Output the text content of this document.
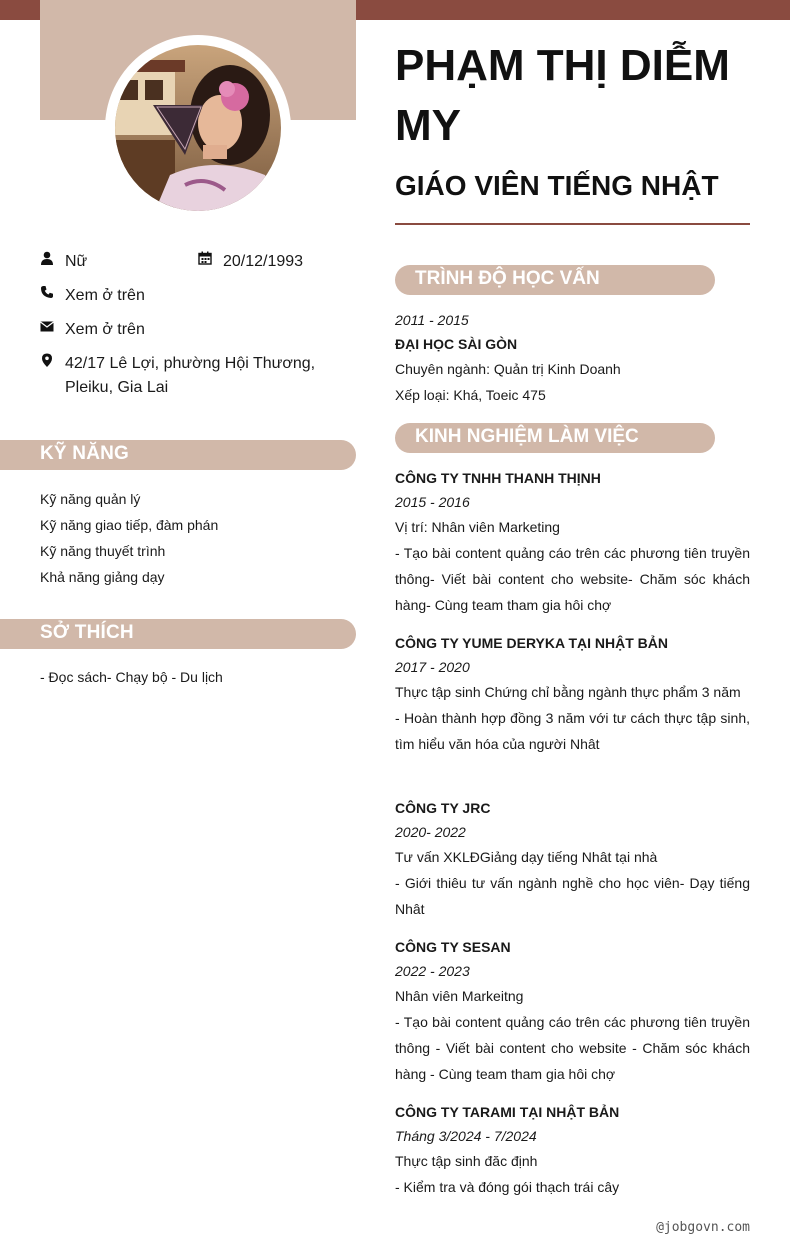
Nữ	20/12/1993
Xem ở trên
Xem ở trên
42/17 Lê Lợi, phường Hội Thương,
Pleiku, Gia Lai
KỸ NĂNG
Kỹ năng quản lý
Kỹ năng giao tiếp, đàm phán
Kỹ năng thuyết trình
Khả năng giảng dạy
SỞ THÍCH
- Đọc sách- Chạy bộ - Du lịch
PHẠM THỊ DIỄM MY
GIÁO VIÊN TIẾNG NHẬT
TRÌNH ĐỘ HỌC VẤN
2011 - 2015
ĐẠI HỌC SÀI GÒN
Chuyên ngành: Quản trị Kinh Doanh
Xếp loại: Khá, Toeic 475
KINH NGHIỆM LÀM VIỆC
CÔNG TY TNHH THANH THỊNH
2015 - 2016
Vị trí: Nhân viên Marketing
- Tạo bài content quảng cáo trên các phương tiên truyền thông- Viết bài content cho website- Chăm sóc khách hàng- Cùng team tham gia hôi chợ
CÔNG TY YUME DERYKA TẠI NHẬT BẢN
2017 - 2020
Thực tập sinh Chứng chỉ bằng ngành thực phẩm 3 năm
- Hoàn thành hợp đồng 3 năm với tư cách thực tập sinh, tìm hiểu văn hóa của người Nhât
CÔNG TY JRC
2020- 2022
Tư vấn XKLĐGiảng dạy tiếng Nhât tại nhà
- Giới thiêu tư vấn ngành nghề cho học viên- Dạy tiếng Nhât
CÔNG TY SESAN
2022 - 2023
Nhân viên Markeitng
- Tạo bài content quảng cáo trên các phương tiên truyền thông - Viết bài content cho website - Chăm sóc khách hàng - Cùng team tham gia hôi chợ
CÔNG TY TARAMI TẠI NHẬT BẢN
Tháng 3/2024 - 7/2024
Thực tập sinh đăc định
- Kiểm tra và đóng gói thạch trái cây
@jobgovn.com
